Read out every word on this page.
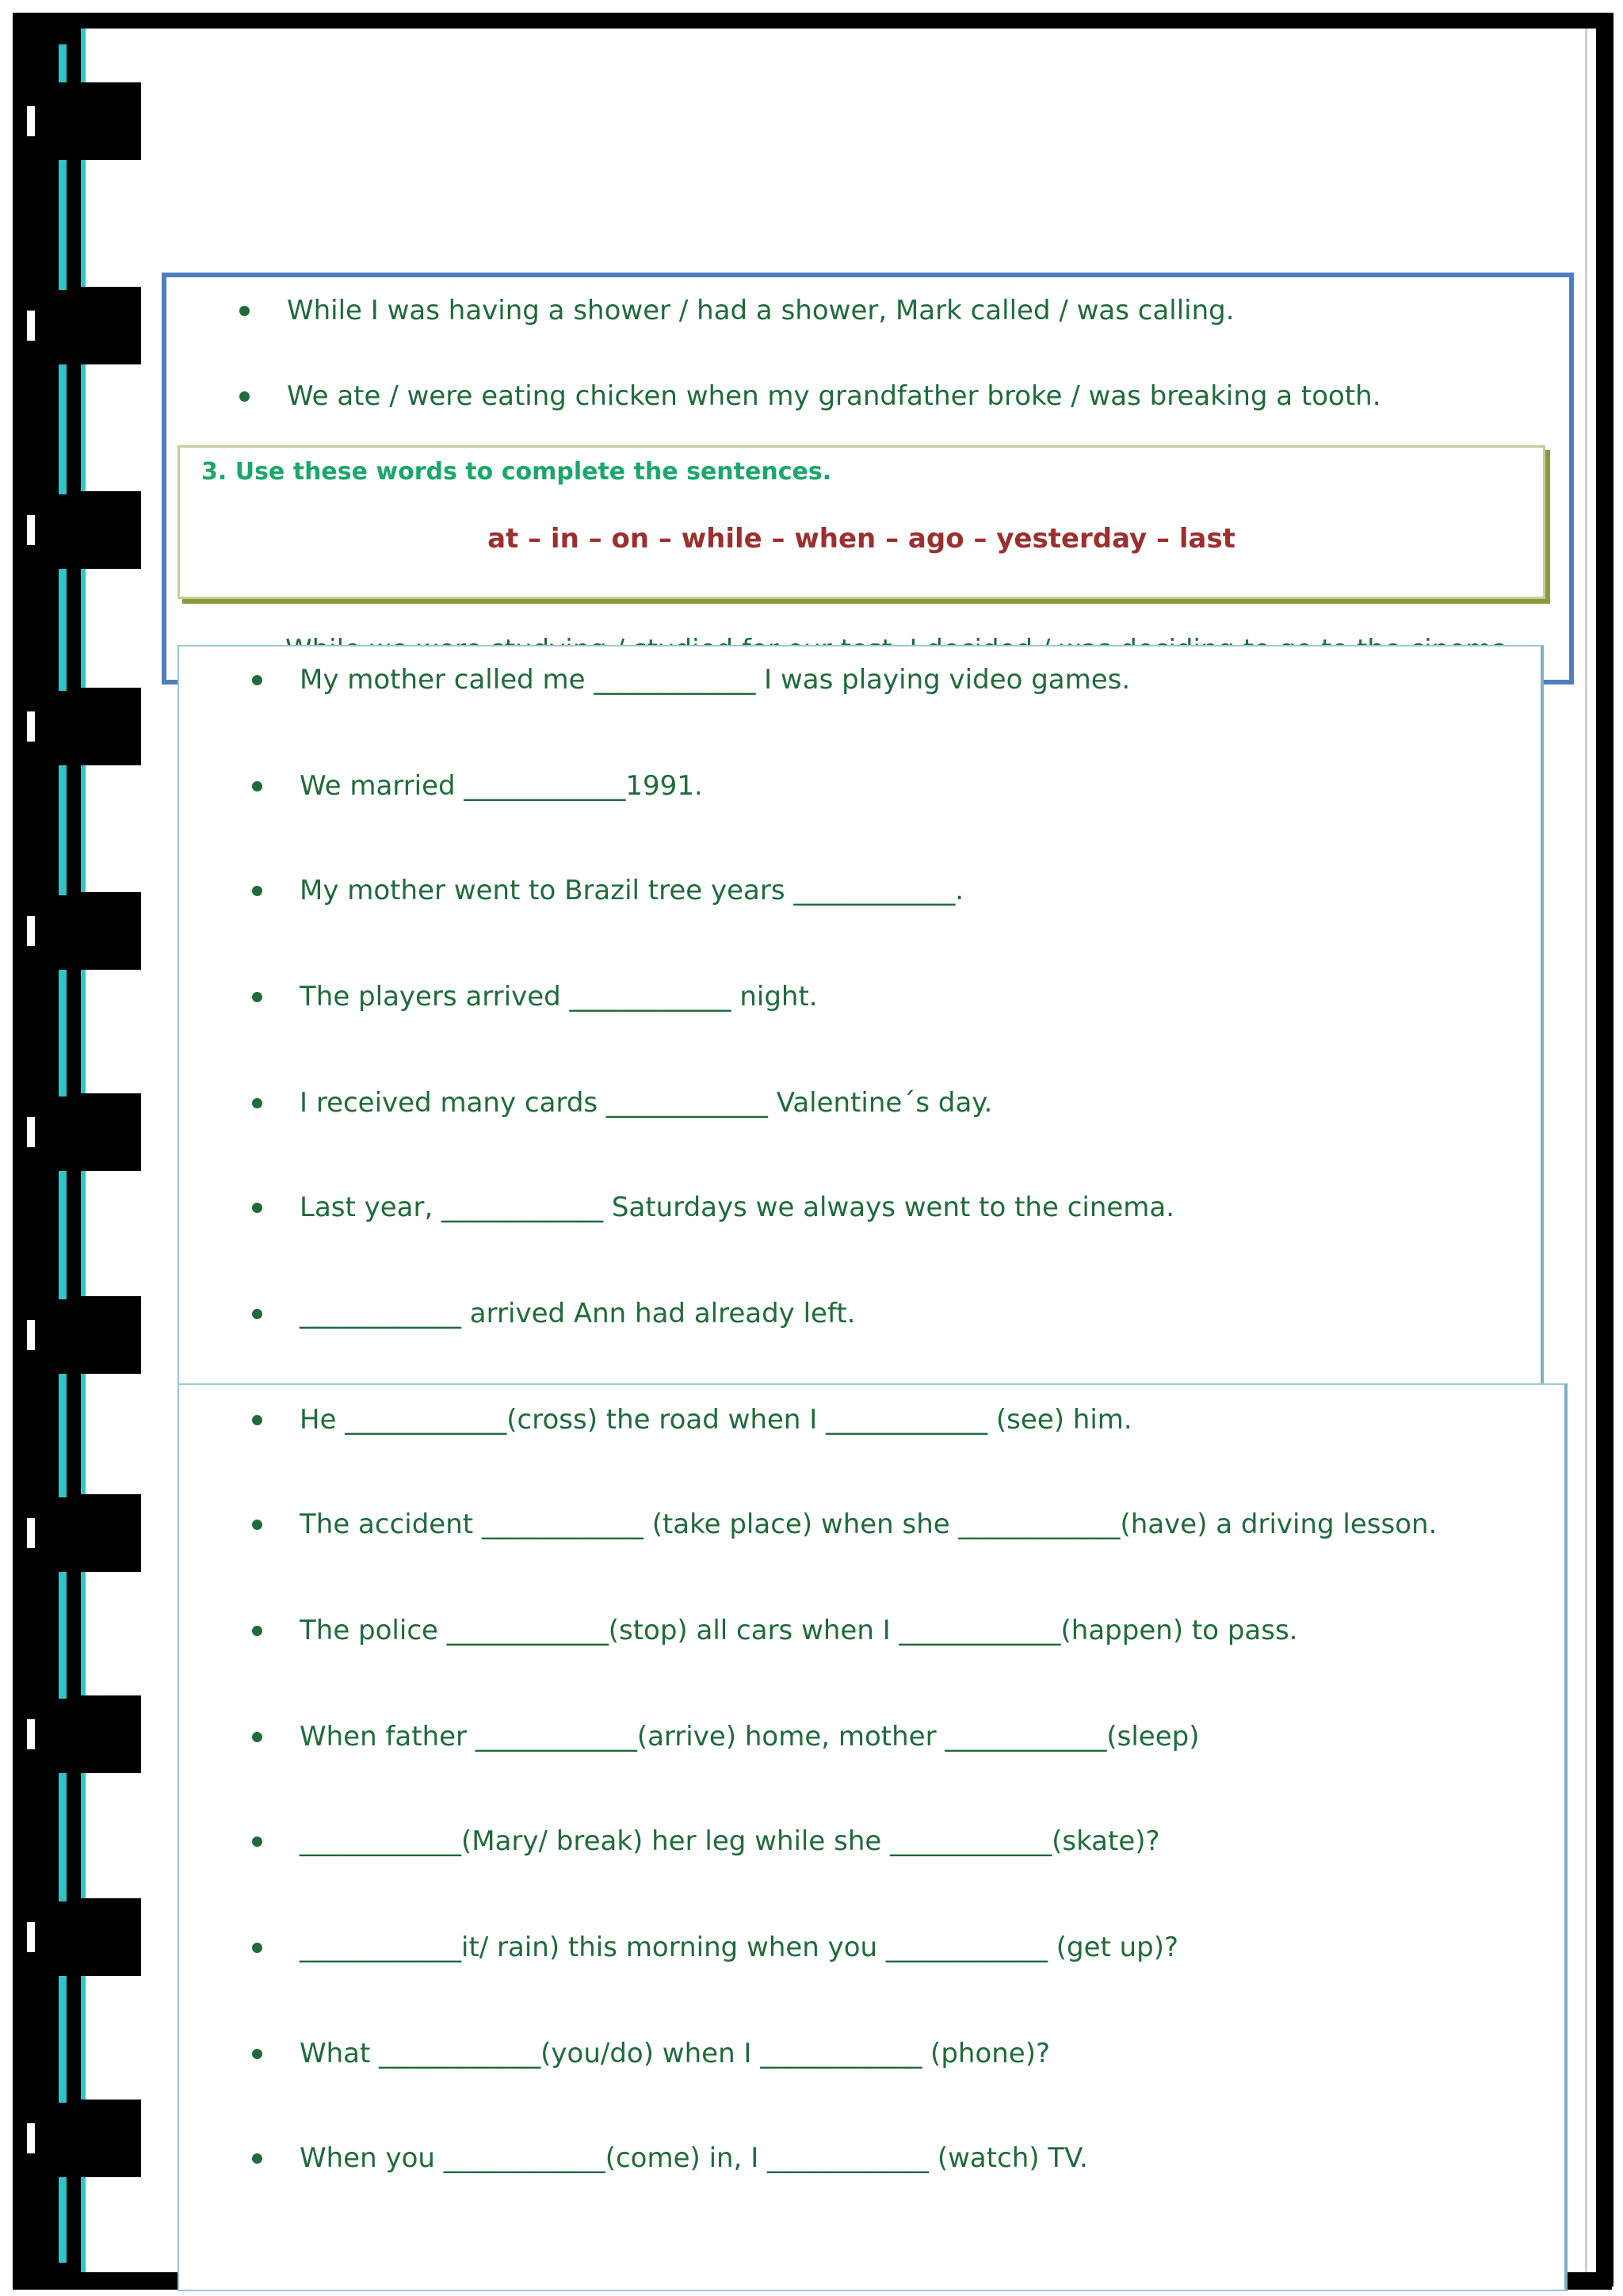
While I was having a shower / had a shower, Mark called / was calling.
We ate / were eating chicken when my grandfather broke / was breaking a tooth.
3. Use these words to complete the sentences.
at – in – on – while – when – ago – yesterday – last
My mother called me ____________ I was playing video games.
We married ____________1991.
My mother went to Brazil tree years ____________.
The players arrived ____________ night.
I received many cards ____________ Valentine´s day.
Last year, ____________ Saturdays we always went to the cinema.
____________ arrived Ann had already left.
He ____________(cross) the road when I ____________ (see) him.
The accident ____________ (take place) when she ____________(have) a driving lesson.
The police ____________(stop) all cars when I ____________(happen) to pass.
When father ____________(arrive) home, mother ____________(sleep)
____________(Mary/ break) her leg while she ____________(skate)?
____________it/ rain) this morning when you ____________ (get up)?
What ____________(you/do) when I ____________ (phone)?
When you ____________(come) in, I ____________ (watch) TV.
